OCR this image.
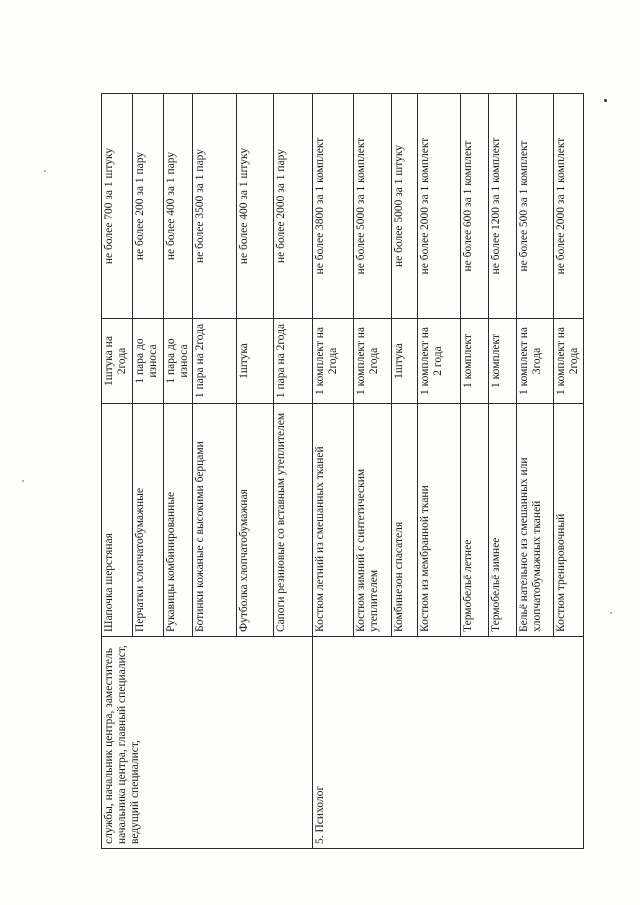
службы, начальник центра, заместитель начальника центра, главный специалист, ведущий специалист,	Шапочка шерстяная	1штука на 2года	не более 700 за 1 штуку
	Перчатки хлопчатобумажные	1 пара до износа	не более 200 за 1 пару
	Рукавицы комбинированные	1 пара до износа	не более 400 за 1 пару
	Ботинки кожаные с высокими берцами	1 пара на 2года	не более 3500 за 1 пару
	Футболка хлопчатобумажная	1штука	не более 400 за 1 штуку
	Сапоги резиновые со вставным утеплителем	1 пара на 2года	не более 2000 за 1 пару
5. Психолог	Костюм летний из смешанных тканей	1 комплект на 2года	не более 3800 за 1 комплект
	Костюм зимний с синтетическим утеплителем	1 комплект на 2года	не более 5000 за 1 комплект
	Комбинезон спасателя	1штука	не более 5000 за 1 штуку
	Костюм из мембранной ткани	1 комплект на 2 года	не более 2000 за 1 комплект
	Термобельё летнее	1 комплект	не более 600 за 1 комплект
	Термобельё зимнее	1 комплект	не более 1200 за 1 комплект
	Бельё нательное из смешанных или хлопчатобумажных тканей	1 комплект на 3года	не более 500 за 1 комплект
	Костюм тренировочный	1 комплект на 2года	не более 2000 за 1 комплект
